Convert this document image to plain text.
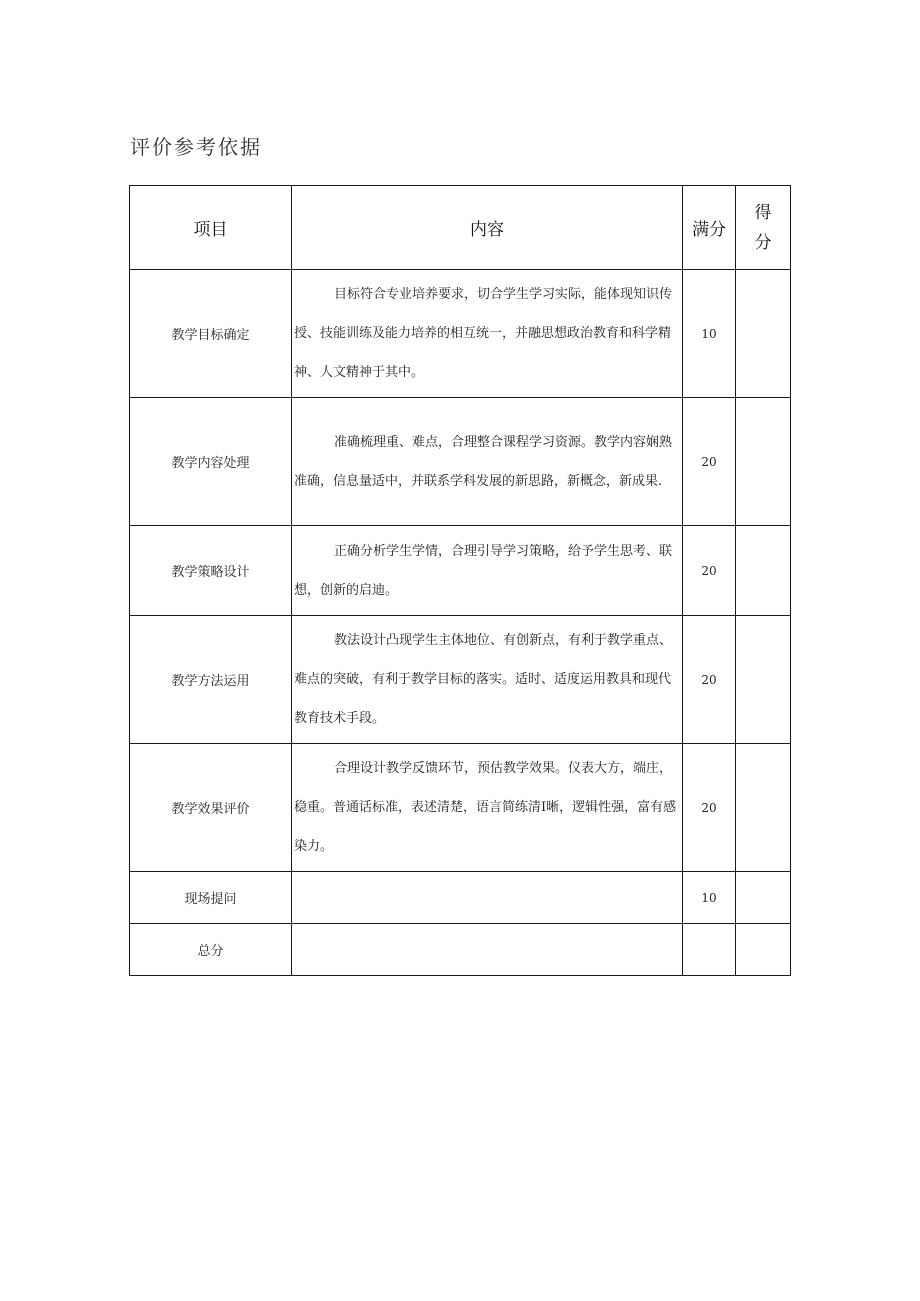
评价参考依据
项目	内容	满分	得
分

教学目标确定	目标符合专业培养要求，切合学生学习实际，能体现知识传授、技能训练及能力培养的相互统一，并融思想政治教育和科学精神、人文精神于其中。	10	
教学内容处理	准确梳理重、难点，合理整合课程学习资源。教学内容娴熟准确，信息量适中，并联系学科发展的新思路，新概念，新成果.	20	
教学策略设计	正确分析学生学情，合理引导学习策略，给予学生思考、联想，创新的启迪。	20	
教学方法运用	教法设计凸现学生主体地位、有创新点，有利于教学重点、难点的突破，有利于教学目标的落实。适时、适度运用教具和现代教育技术手段。	20	
教学效果评价	合理设计教学反馈环节，预估教学效果。仪表大方，端庄，稳重。普通话标准，表述清楚，语言简练清Ⅰ晰，逻辑性强，富有感染力。	20	
现场提问		10	
总分			
